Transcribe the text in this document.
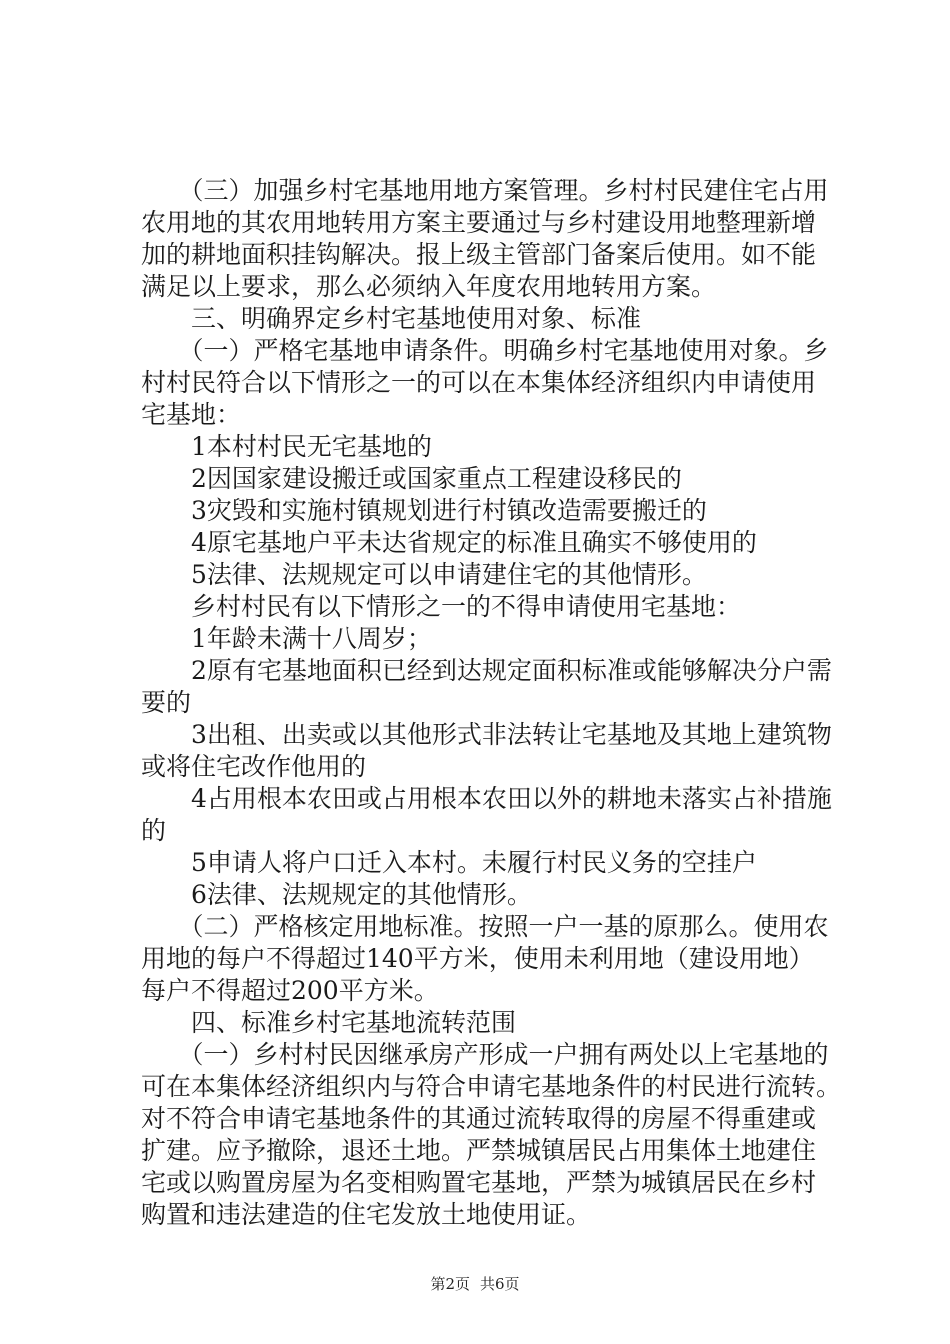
　　（三）加强乡村宅基地用地方案管理。乡村村民建住宅占用
农用地的其农用地转用方案主要通过与乡村建设用地整理新增
加的耕地面积挂钩解决。报上级主管部门备案后使用。如不能
满足以上要求，那么必须纳入年度农用地转用方案。
　　三、明确界定乡村宅基地使用对象、标准
　　（一）严格宅基地申请条件。明确乡村宅基地使用对象。乡
村村民符合以下情形之一的可以在本集体经济组织内申请使用
宅基地：
　　1本村村民无宅基地的
　　2因国家建设搬迁或国家重点工程建设移民的
　　3灾毁和实施村镇规划进行村镇改造需要搬迁的
　　4原宅基地户平未达省规定的标准且确实不够使用的
　　5法律、法规规定可以申请建住宅的其他情形。
　　乡村村民有以下情形之一的不得申请使用宅基地：
　　1年龄未满十八周岁；
　　2原有宅基地面积已经到达规定面积标准或能够解决分户需
要的
　　3出租、出卖或以其他形式非法转让宅基地及其地上建筑物
或将住宅改作他用的
　　4占用根本农田或占用根本农田以外的耕地未落实占补措施
的
　　5申请人将户口迁入本村。未履行村民义务的空挂户
　　6法律、法规规定的其他情形。
　　（二）严格核定用地标准。按照一户一基的原那么。使用农
用地的每户不得超过140平方米，使用未利用地（建设用地）
每户不得超过200平方米。
　　四、标准乡村宅基地流转范围
　　（一）乡村村民因继承房产形成一户拥有两处以上宅基地的
可在本集体经济组织内与符合申请宅基地条件的村民进行流转。
对不符合申请宅基地条件的其通过流转取得的房屋不得重建或
扩建。应予撤除，退还土地。严禁城镇居民占用集体土地建住
宅或以购置房屋为名变相购置宅基地，严禁为城镇居民在乡村
购置和违法建造的住宅发放土地使用证。
第2页 共6页
